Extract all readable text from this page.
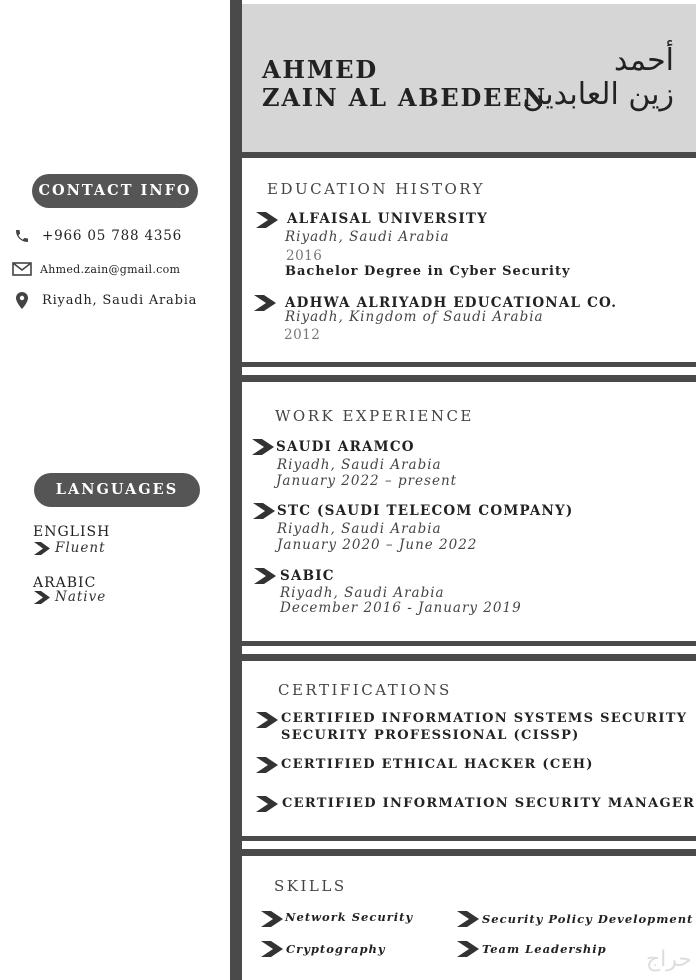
AHMED
ZAIN AL ABEDEEN
أحمد
زين العابدين
CONTACT INFO
+966 05 788 4356
Ahmed.zain@gmail.com
Riyadh, Saudi Arabia
LANGUAGES
ENGLISH
Fluent
ARABIC
Native
EDUCATION HISTORY
ALFAISAL UNIVERSITY
Riyadh, Saudi Arabia
2016
Bachelor Degree in Cyber Security
ADHWA ALRIYADH EDUCATIONAL CO.
Riyadh, Kingdom of Saudi Arabia
2012
WORK EXPERIENCE
SAUDI ARAMCO
Riyadh, Saudi Arabia
January 2022 – present
STC (SAUDI TELECOM COMPANY)
Riyadh, Saudi Arabia
January 2020 – June 2022
SABIC
Riyadh, Saudi Arabia
December 2016 - January 2019
CERTIFICATIONS
CERTIFIED INFORMATION SYSTEMS SECURITY
SECURITY PROFESSIONAL (CISSP)
CERTIFIED ETHICAL HACKER (CEH)
CERTIFIED INFORMATION SECURITY MANAGER
SKILLS
Network Security	Security Policy Development
Cryptography	Team Leadership حراج
